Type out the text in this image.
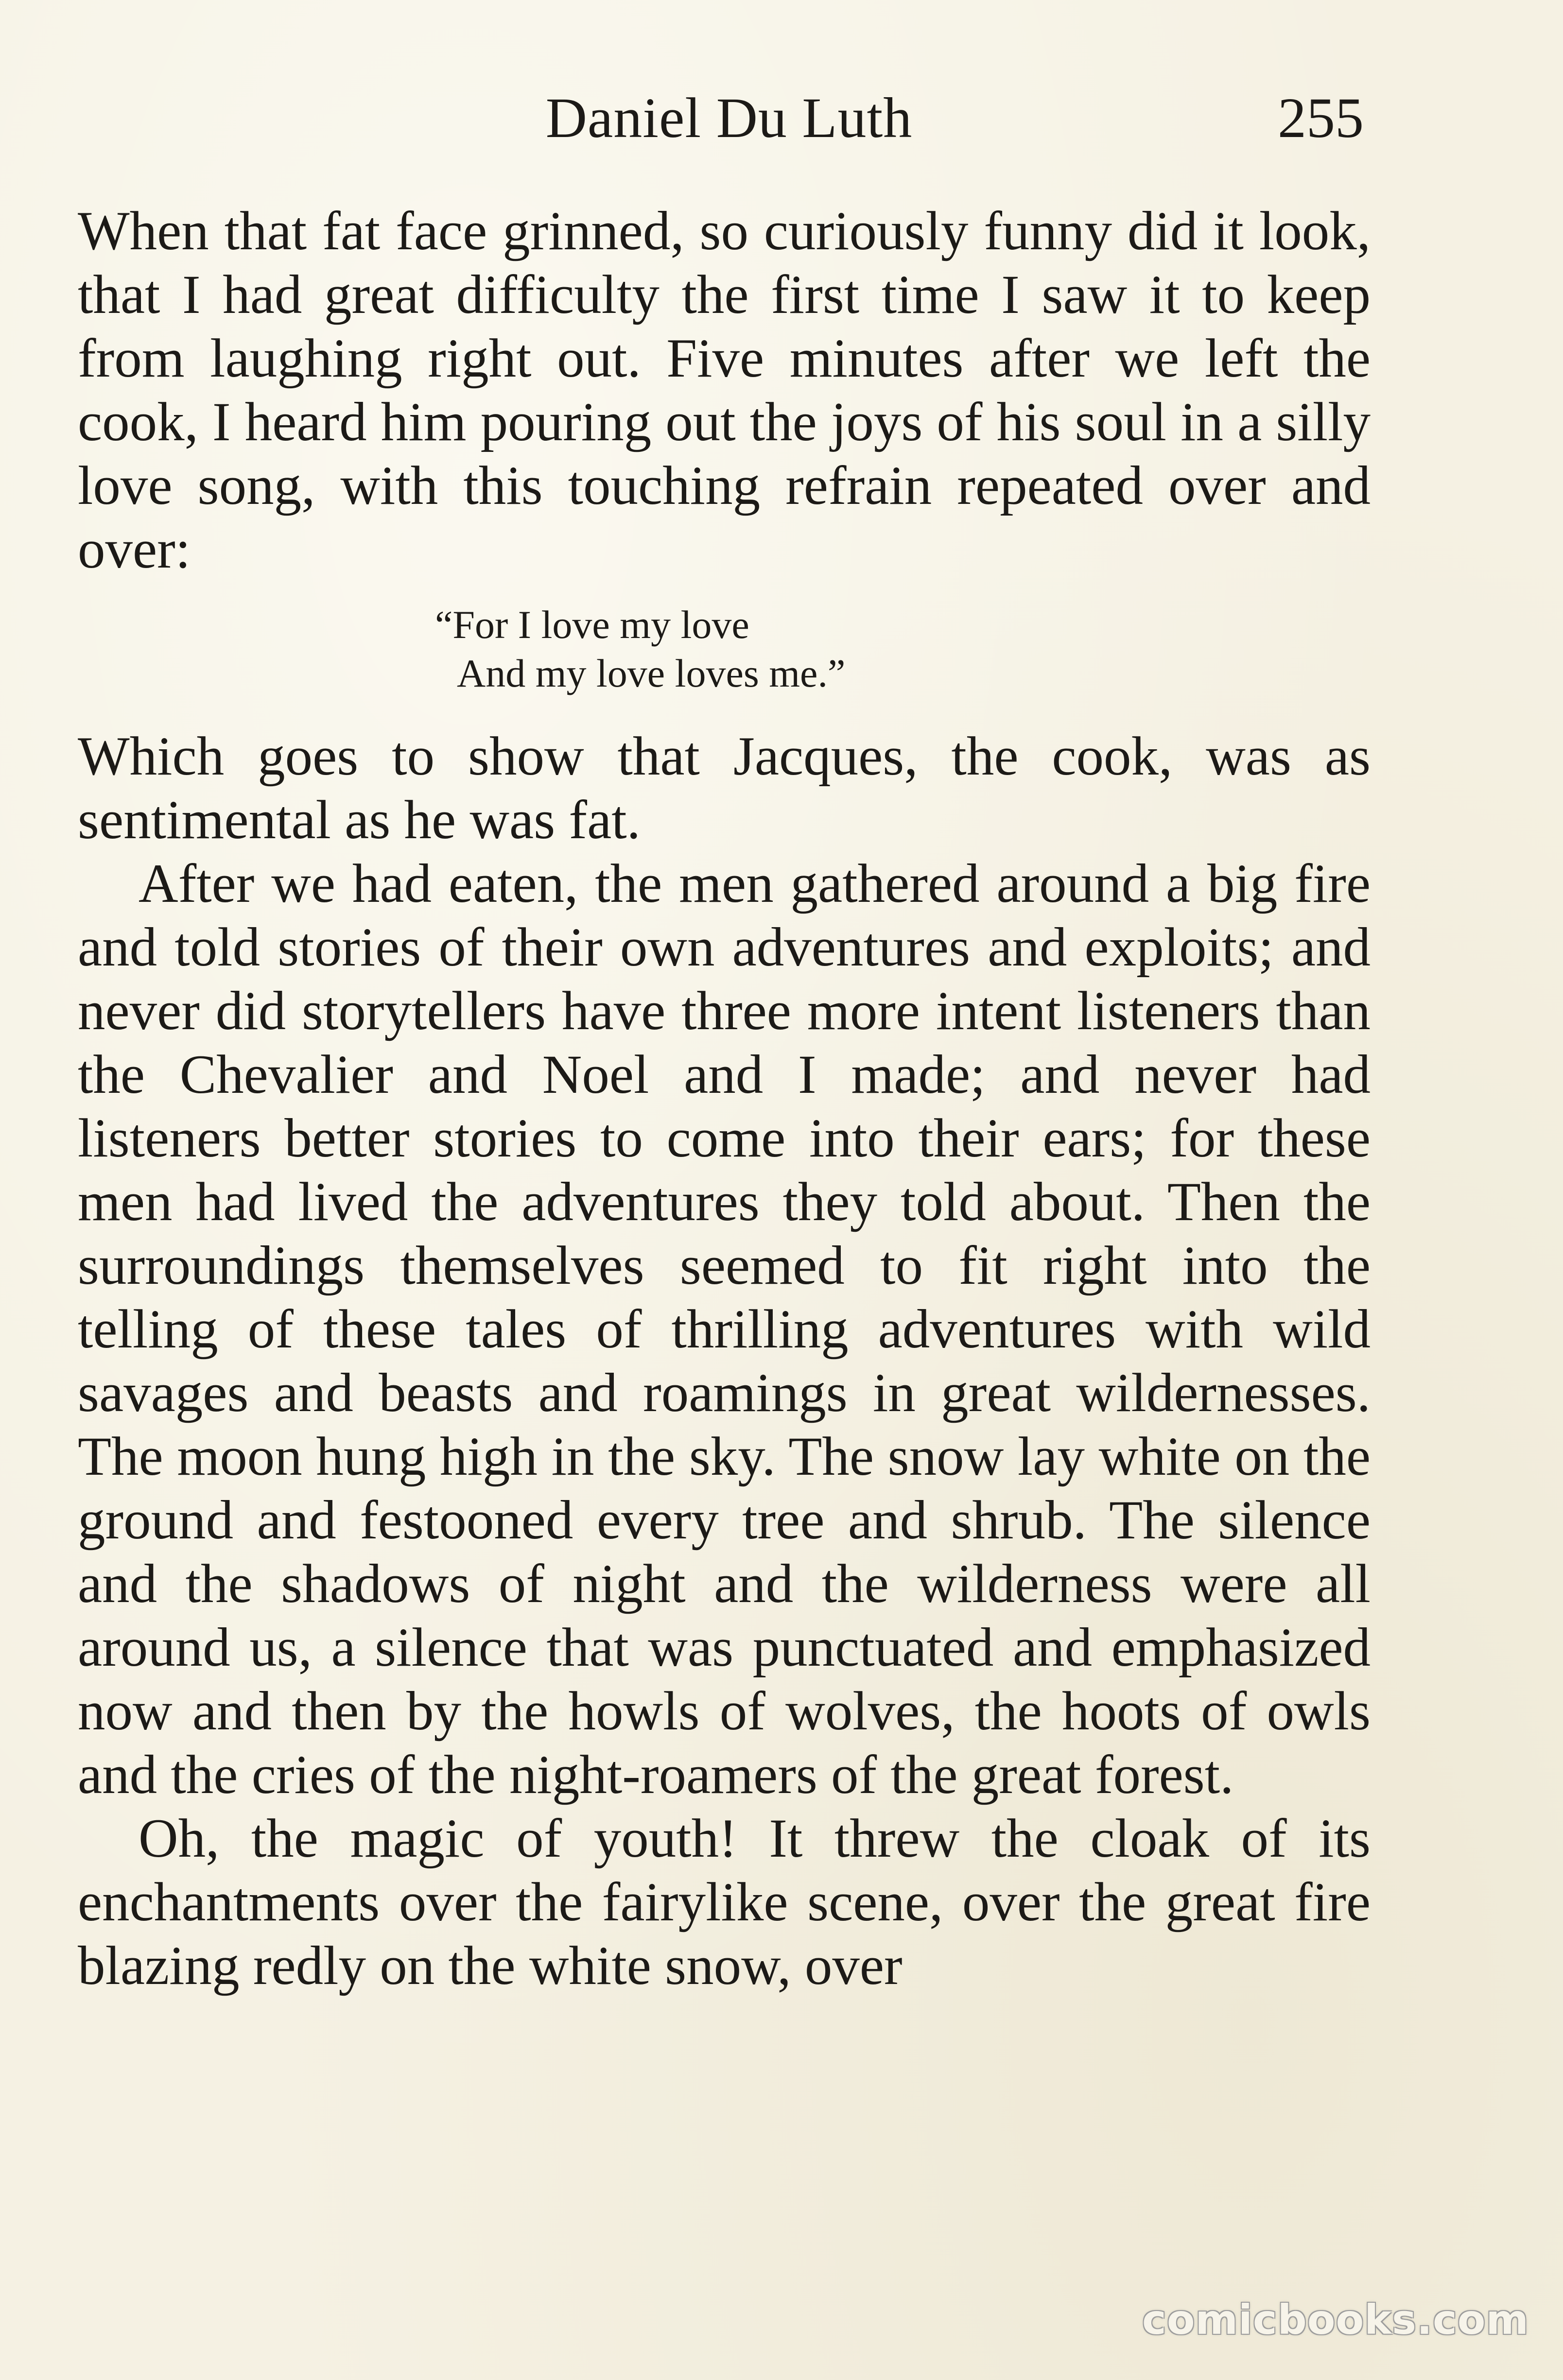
Daniel Du Luth	255

When that fat face grinned, so curiously funny did it look, that I had great difficulty the first time I saw it to keep from laughing right out. Five minutes after we left the cook, I heard him pouring out the joys of his soul in a silly love song, with this touching refrain repeated over and over:

“For I love my love
And my love loves me.”

Which goes to show that Jacques, the cook, was as sentimental as he was fat.

After we had eaten, the men gathered around a big fire and told stories of their own adventures and exploits; and never did storytellers have three more intent listeners than the Chevalier and Noel and I made; and never had listeners better stories to come into their ears; for these men had lived the adventures they told about. Then the surroundings themselves seemed to fit right into the telling of these tales of thrilling adventures with wild savages and beasts and roamings in great wildernesses. The moon hung high in the sky. The snow lay white on the ground and festooned every tree and shrub. The silence and the shadows of night and the wilderness were all around us, a silence that was punctuated and emphasized now and then by the howls of wolves, the hoots of owls and the cries of the night-roamers of the great forest.

Oh, the magic of youth! It threw the cloak of its enchantments over the fairylike scene, over the great fire blazing redly on the white snow, over

comicbooks.com
